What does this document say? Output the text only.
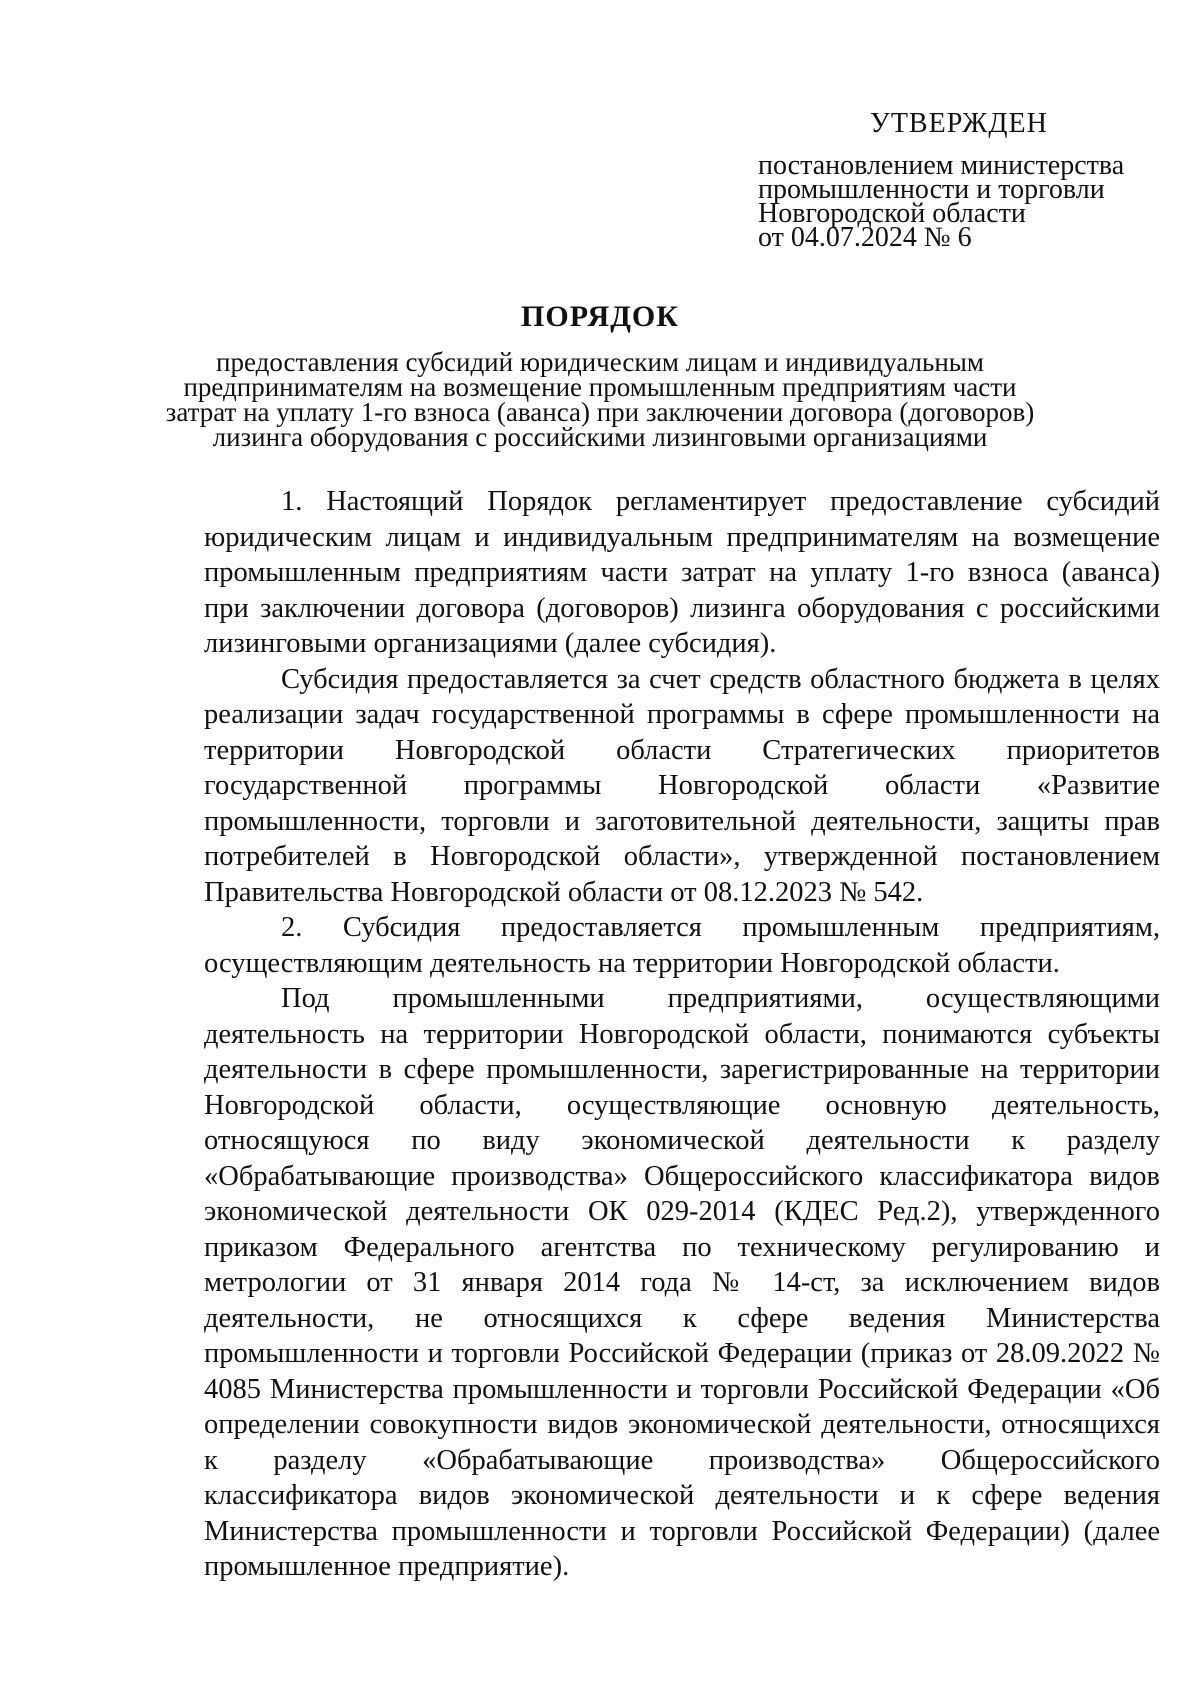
УТВЕРЖДЕН
постановлением министерства
промышленности и торговли
Новгородской области
от 04.07.2024 № 6
ПОРЯДОК
предоставления субсидий юридическим лицам и индивидуальным
предпринимателям на возмещение промышленным предприятиям части
затрат на уплату 1-го взноса (аванса) при заключении договора (договоров)
лизинга оборудования с российскими лизинговыми организациями

1. Настоящий Порядок регламентирует предоставление субсидий юридическим лицам и индивидуальным предпринимателям на возмещение промышленным предприятиям части затрат на уплату 1-го взноса (аванса) при заключении договора (договоров) лизинга оборудования с российскими лизинговыми организациями (далее субсидия).

Субсидия предоставляется за счет средств областного бюджета в целях реализации задач государственной программы в сфере промышленности на территории Новгородской области Стратегических приоритетов государственной программы Новгородской области «Развитие промышленности, торговли и заготовительной деятельности, защиты прав потребителей в Новгородской области», утвержденной постановлением Правительства Новгородской области от 08.12.2023 № 542.

2. Субсидия предоставляется промышленным предприятиям, осуществляющим деятельность на территории Новгородской области.

Под промышленными предприятиями, осуществляющими деятельность на территории Новгородской области, понимаются субъекты деятельности в сфере промышленности, зарегистрированные на территории Новгородской области, осуществляющие основную деятельность, относящуюся по виду экономической деятельности к разделу «Обрабатывающие производства» Общероссийского классификатора видов экономической деятельности ОК 029-2014 (КДЕС Ред.2), утвержденного приказом Федерального агентства по техническому регулированию и метрологии от 31 января 2014 года № 14-ст, за исключением видов деятельности, не относящихся к сфере ведения Министерства промышленности и торговли Российской Федерации (приказ от 28.09.2022 № 4085 Министерства промышленности и торговли Российской Федерации «Об определении совокупности видов экономической деятельности, относящихся к разделу «Обрабатывающие производства» Общероссийского классификатора видов экономической деятельности и к сфере ведения Министерства промышленности и торговли Российской Федерации) (далее промышленное предприятие).
